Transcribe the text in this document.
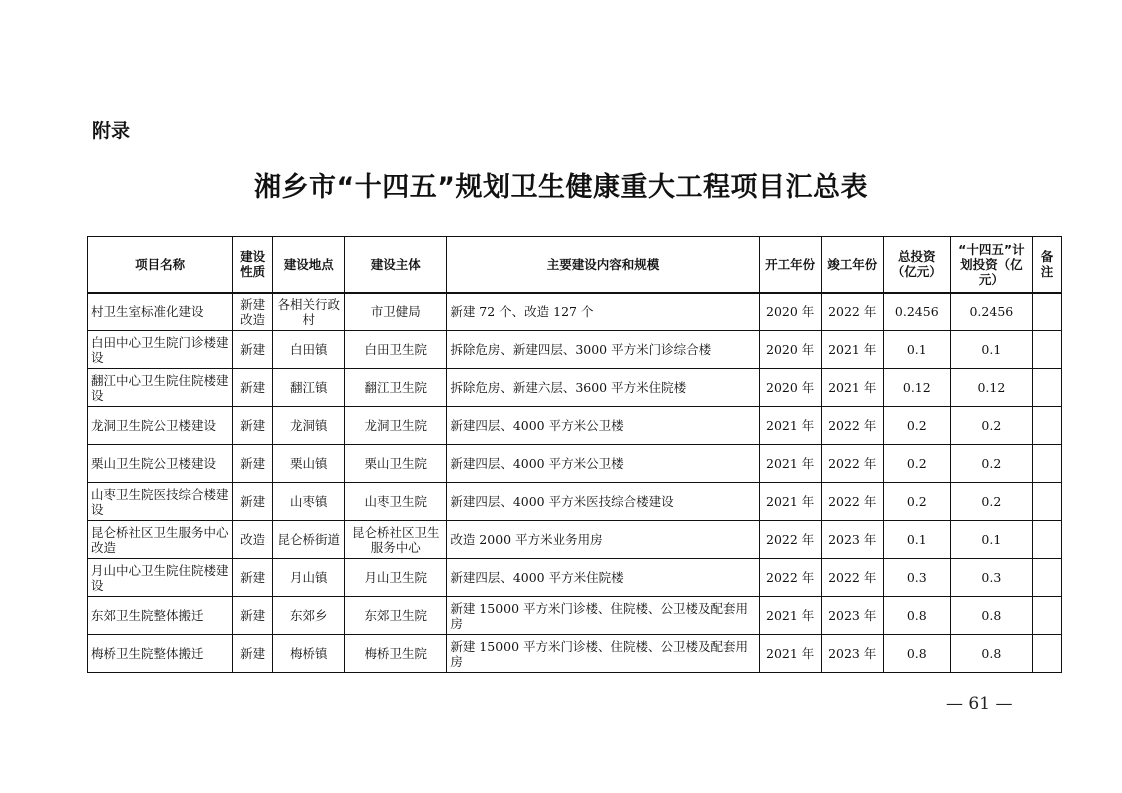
附录
湘乡市“十四五”规划卫生健康重大工程项目汇总表
项目名称	建设性质	建设地点	建设主体	主要建设内容和规模	开工年份	竣工年份	总投资（亿元）	“十四五”计划投资（亿元）	备注
村卫生室标准化建设	新建改造	各相关行政村	市卫健局	新建 72 个、改造 127 个	2020 年	2022 年	0.2456	0.2456	
白田中心卫生院门诊楼建设	新建	白田镇	白田卫生院	拆除危房、新建四层、3000 平方米门诊综合楼	2020 年	2021 年	0.1	0.1	
翻江中心卫生院住院楼建设	新建	翻江镇	翻江卫生院	拆除危房、新建六层、3600 平方米住院楼	2020 年	2021 年	0.12	0.12	
龙洞卫生院公卫楼建设	新建	龙洞镇	龙洞卫生院	新建四层、4000 平方米公卫楼	2021 年	2022 年	0.2	0.2	
栗山卫生院公卫楼建设	新建	栗山镇	栗山卫生院	新建四层、4000 平方米公卫楼	2021 年	2022 年	0.2	0.2	
山枣卫生院医技综合楼建设	新建	山枣镇	山枣卫生院	新建四层、4000 平方米医技综合楼建设	2021 年	2022 年	0.2	0.2	
昆仑桥社区卫生服务中心改造	改造	昆仑桥街道	昆仑桥社区卫生服务中心	改造 2000 平方米业务用房	2022 年	2023 年	0.1	0.1	
月山中心卫生院住院楼建设	新建	月山镇	月山卫生院	新建四层、4000 平方米住院楼	2022 年	2022 年	0.3	0.3	
东郊卫生院整体搬迁	新建	东郊乡	东郊卫生院	新建 15000 平方米门诊楼、住院楼、公卫楼及配套用房	2021 年	2023 年	0.8	0.8	
梅桥卫生院整体搬迁	新建	梅桥镇	梅桥卫生院	新建 15000 平方米门诊楼、住院楼、公卫楼及配套用房	2021 年	2023 年	0.8	0.8	
— 61 —
